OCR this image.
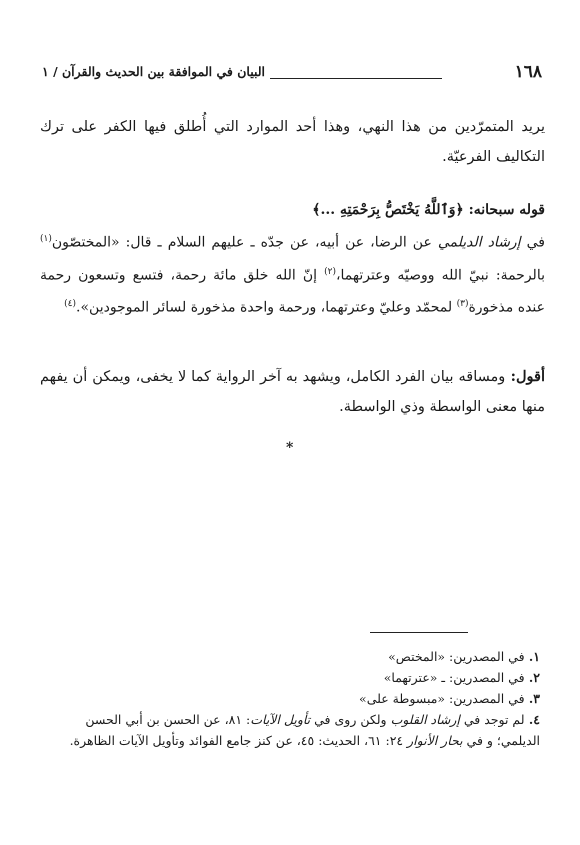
١٦٨
البيان في الموافقة بين الحديث والقرآن / ١

يريد المتمرّدين من هذا النهي، وهذا أحد الموارد التي أُطلق فيها الكفر على ترك التكاليف الفرعيّة.

قوله سبحانه: ﴿وَٱللَّهُ يَخْتَصُّ بِرَحْمَتِهِ ...﴾
في إرشاد الديلمي عن الرضا، عن أبيه، عن جدّه ـ عليهم السلام ـ قال: «المختصّون$^{(١)}$ بالرحمة: نبيّ الله ووصيّه وعترتهما،$^{(٢)}$ إنّ الله خلق مائة رحمة، فتسع وتسعون رحمة عنده مذخورة$^{(٣)}$ لمحمّد وعليّ وعترتهما، ورحمة واحدة مذخورة لسائر الموجودين».$^{(٤)}$

أقول: ومساقه بيان الفرد الكامل، ويشهد به آخر الرواية كما لا يخفى، ويمكن أن يفهم منها معنى الواسطة وذي الواسطة.

*

١. في المصدرين: «المختص»

٢. في المصدرين: ـ «عترتهما»

٣. في المصدرين: «مبسوطة على»

٤. لم توجد في إرشاد القلوب ولكن روى في تأويل الآيات: ٨١، عن الحسن بن أبي الحسن الديلمي؛ و في بحار الأنوار ٢٤: ٦١، الحديث: ٤٥، عن كنز جامع الفوائد وتأويل الآيات الظاهرة.
